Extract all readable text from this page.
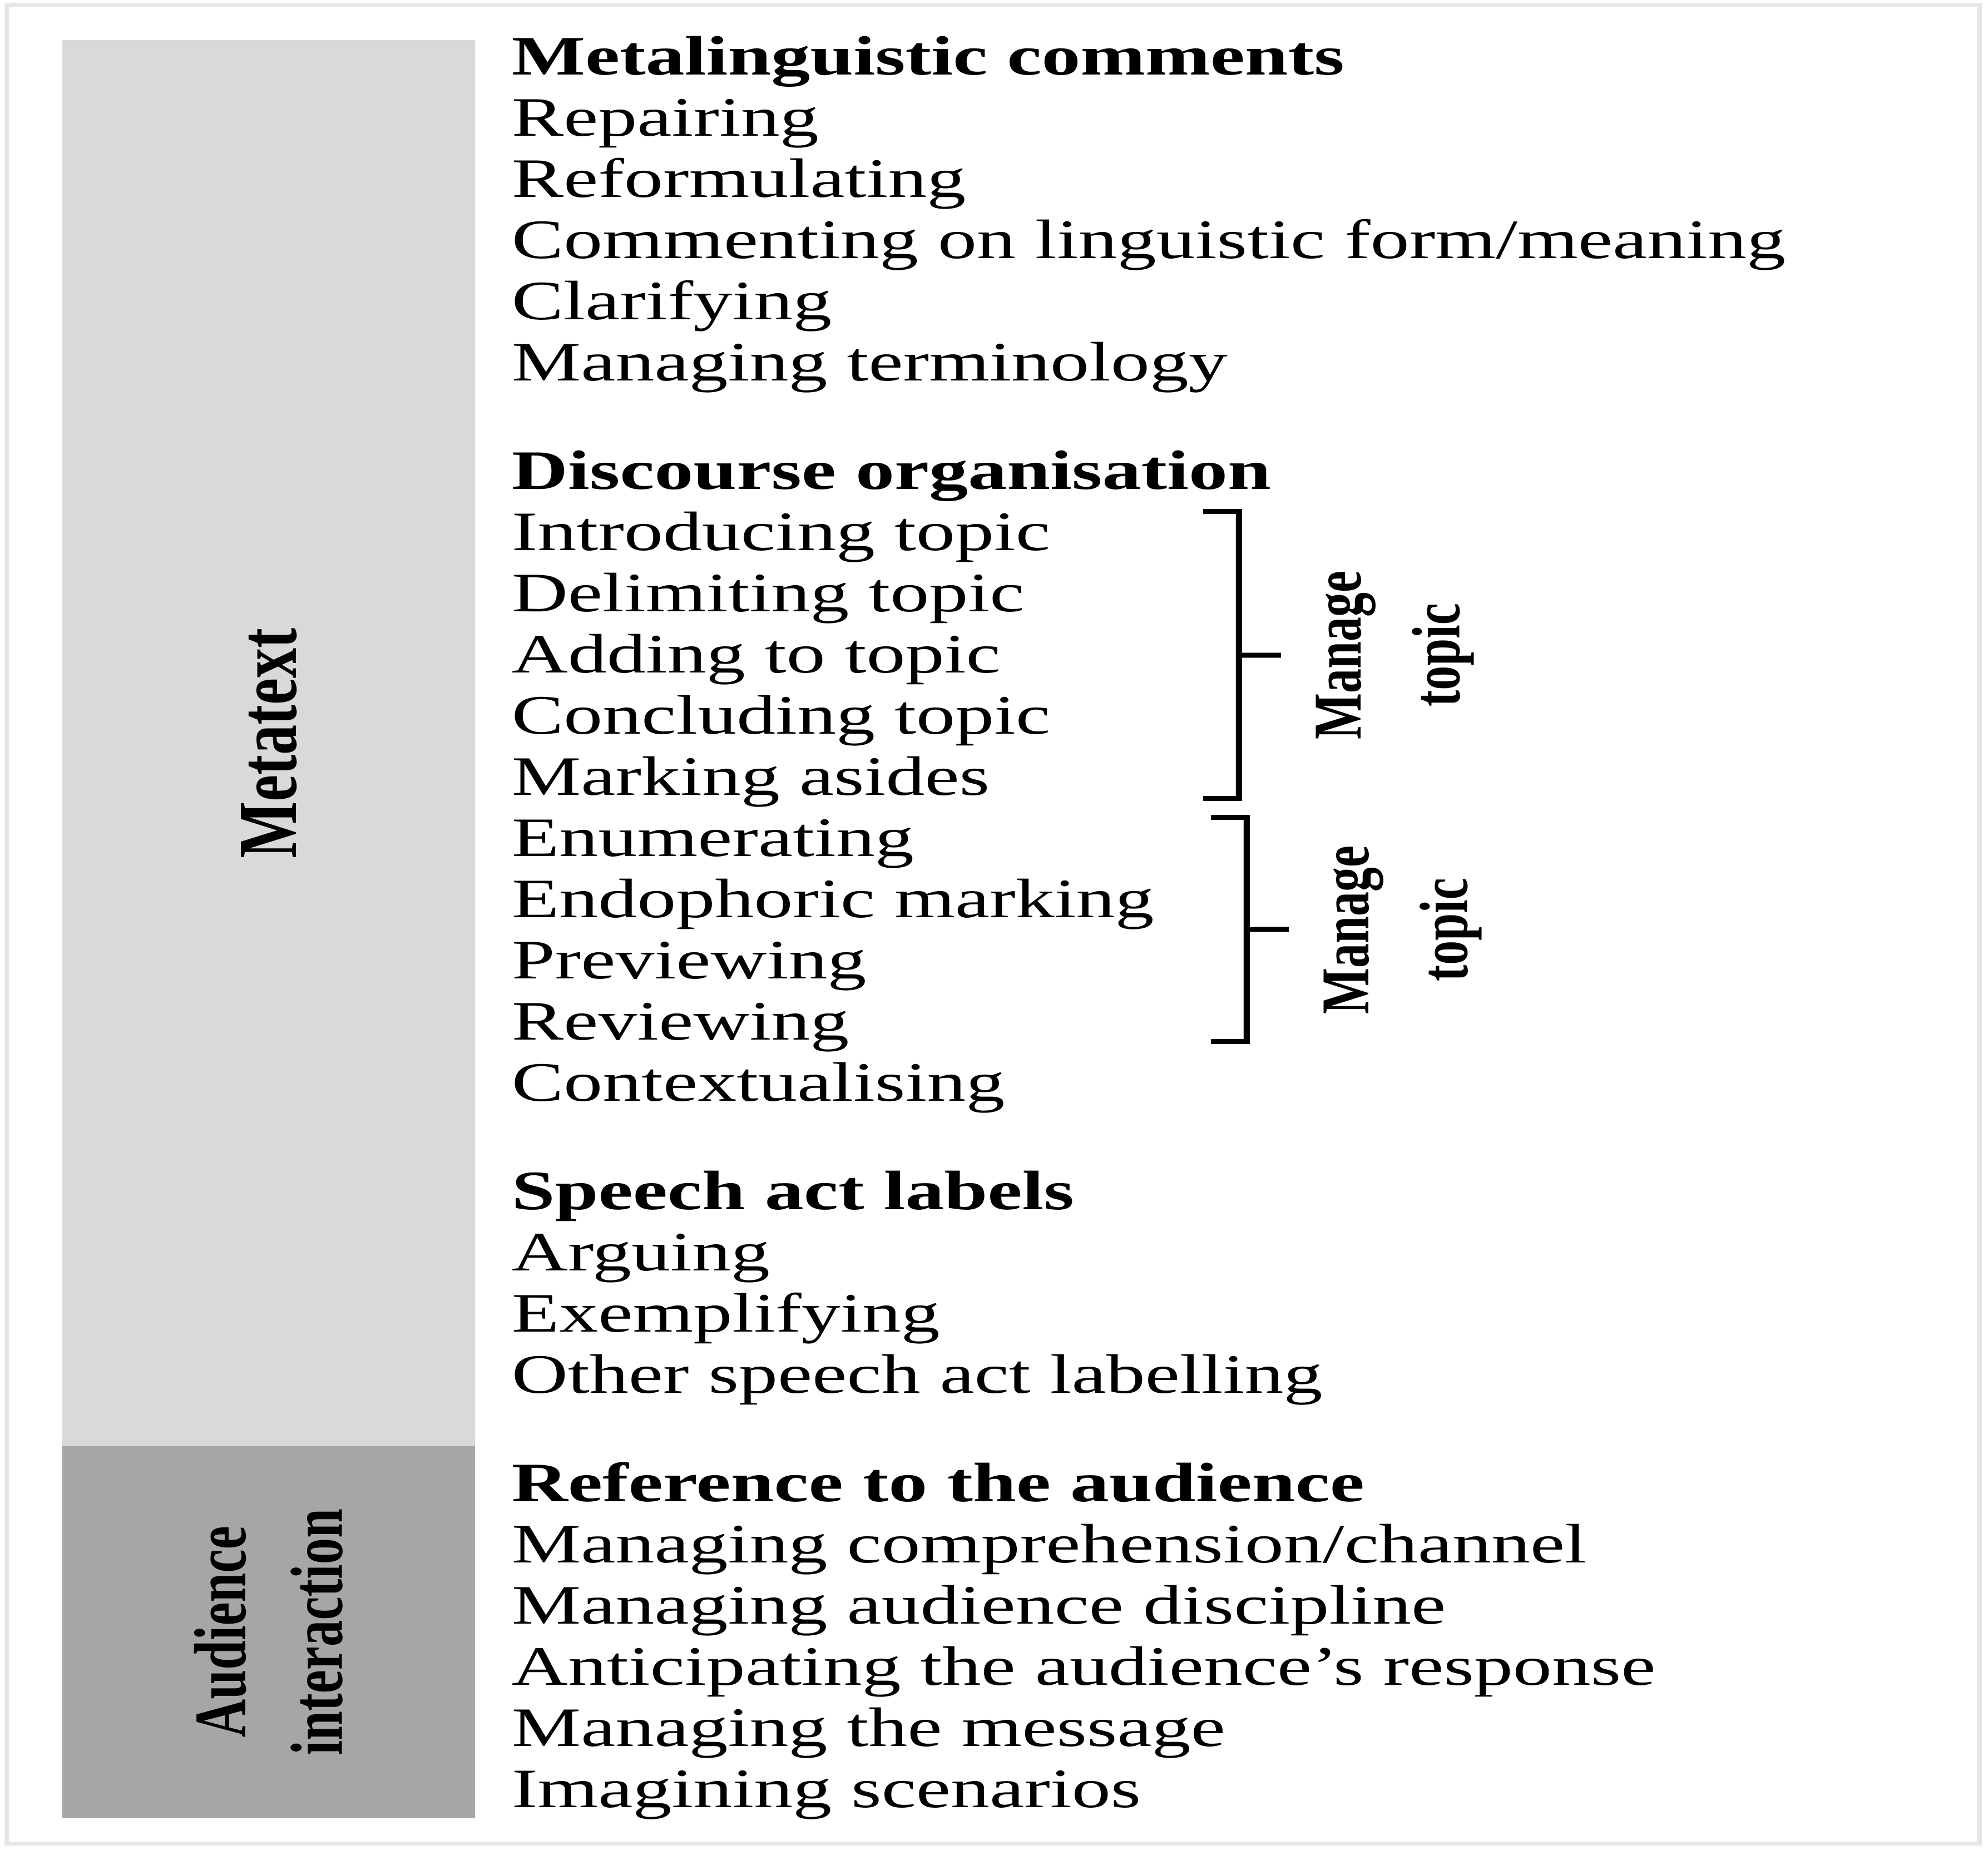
Metatext
Audience interaction
Metalinguistic comments
Repairing
Reformulating
Commenting on linguistic form/meaning
Clarifying
Managing terminology
Discourse organisation
Introducing topic
Delimiting topic
Adding to topic
Concluding topic
Marking asides
Enumerating
Endophoric marking
Previewing
Reviewing
Contextualising
Speech act labels
Arguing
Exemplifying
Other speech act labelling
Reference to the audience
Managing comprehension/channel
Managing audience discipline
Anticipating the audience’s response
Managing the message
Imagining scenarios
Manage topic
Manage topic
